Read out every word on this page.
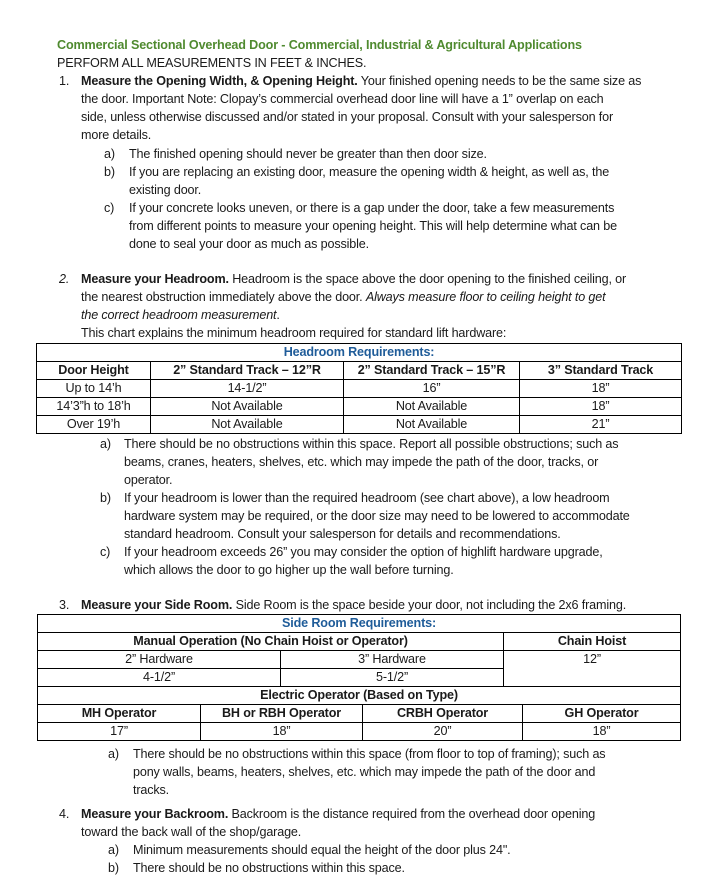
Commercial Sectional Overhead Door - Commercial, Industrial & Agricultural Applications
PERFORM ALL MEASUREMENTS IN FEET & INCHES.
1. Measure the Opening Width, & Opening Height. Your finished opening needs to be the same size as
the door. Important Note: Clopay’s commercial overhead door line will have a 1” overlap on each
side, unless otherwise discussed and/or stated in your proposal. Consult with your salesperson for
more details.
a) The finished opening should never be greater than then door size.
b) If you are replacing an existing door, measure the opening width & height, as well as, the
existing door.
c) If your concrete looks uneven, or there is a gap under the door, take a few measurements
from different points to measure your opening height. This will help determine what can be
done to seal your door as much as possible.
2. Measure your Headroom. Headroom is the space above the door opening to the finished ceiling, or
the nearest obstruction immediately above the door. Always measure floor to ceiling height to get
the correct headroom measurement.
This chart explains the minimum headroom required for standard lift hardware:
Headroom Requirements:			
Door Height	2” Standard Track – 12”R	2” Standard Track – 15”R	3” Standard Track
Up to 14’h	14-1/2”	16”	18”
14’3”h to 18’h	Not Available	Not Available	18”
Over 19’h	Not Available	Not Available	21”
a) There should be no obstructions within this space. Report all possible obstructions; such as
beams, cranes, heaters, shelves, etc. which may impede the path of the door, tracks, or
operator.
b) If your headroom is lower than the required headroom (see chart above), a low headroom
hardware system may be required, or the door size may need to be lowered to accommodate
standard headroom. Consult your salesperson for details and recommendations.
c) If your headroom exceeds 26” you may consider the option of highlift hardware upgrade,
which allows the door to go higher up the wall before turning.
3. Measure your Side Room. Side Room is the space beside your door, not including the 2x6 framing.
Side Room Requirements:					
Manual Operation (No Chain Hoist or Operator)				Chain Hoist	
2” Hardware		3” Hardware		12”	
4-1/2”		5-1/2”			
Electric Operator (Based on Type)					
MH Operator	BH or RBH Operator		CRBH Operator		GH Operator
17”	18”		20”		18”
a) There should be no obstructions within this space (from floor to top of framing); such as
pony walls, beams, heaters, shelves, etc. which may impede the path of the door and
tracks.
4. Measure your Backroom. Backroom is the distance required from the overhead door opening
toward the back wall of the shop/garage.
a) Minimum measurements should equal the height of the door plus 24".
b) There should be no obstructions within this space.
